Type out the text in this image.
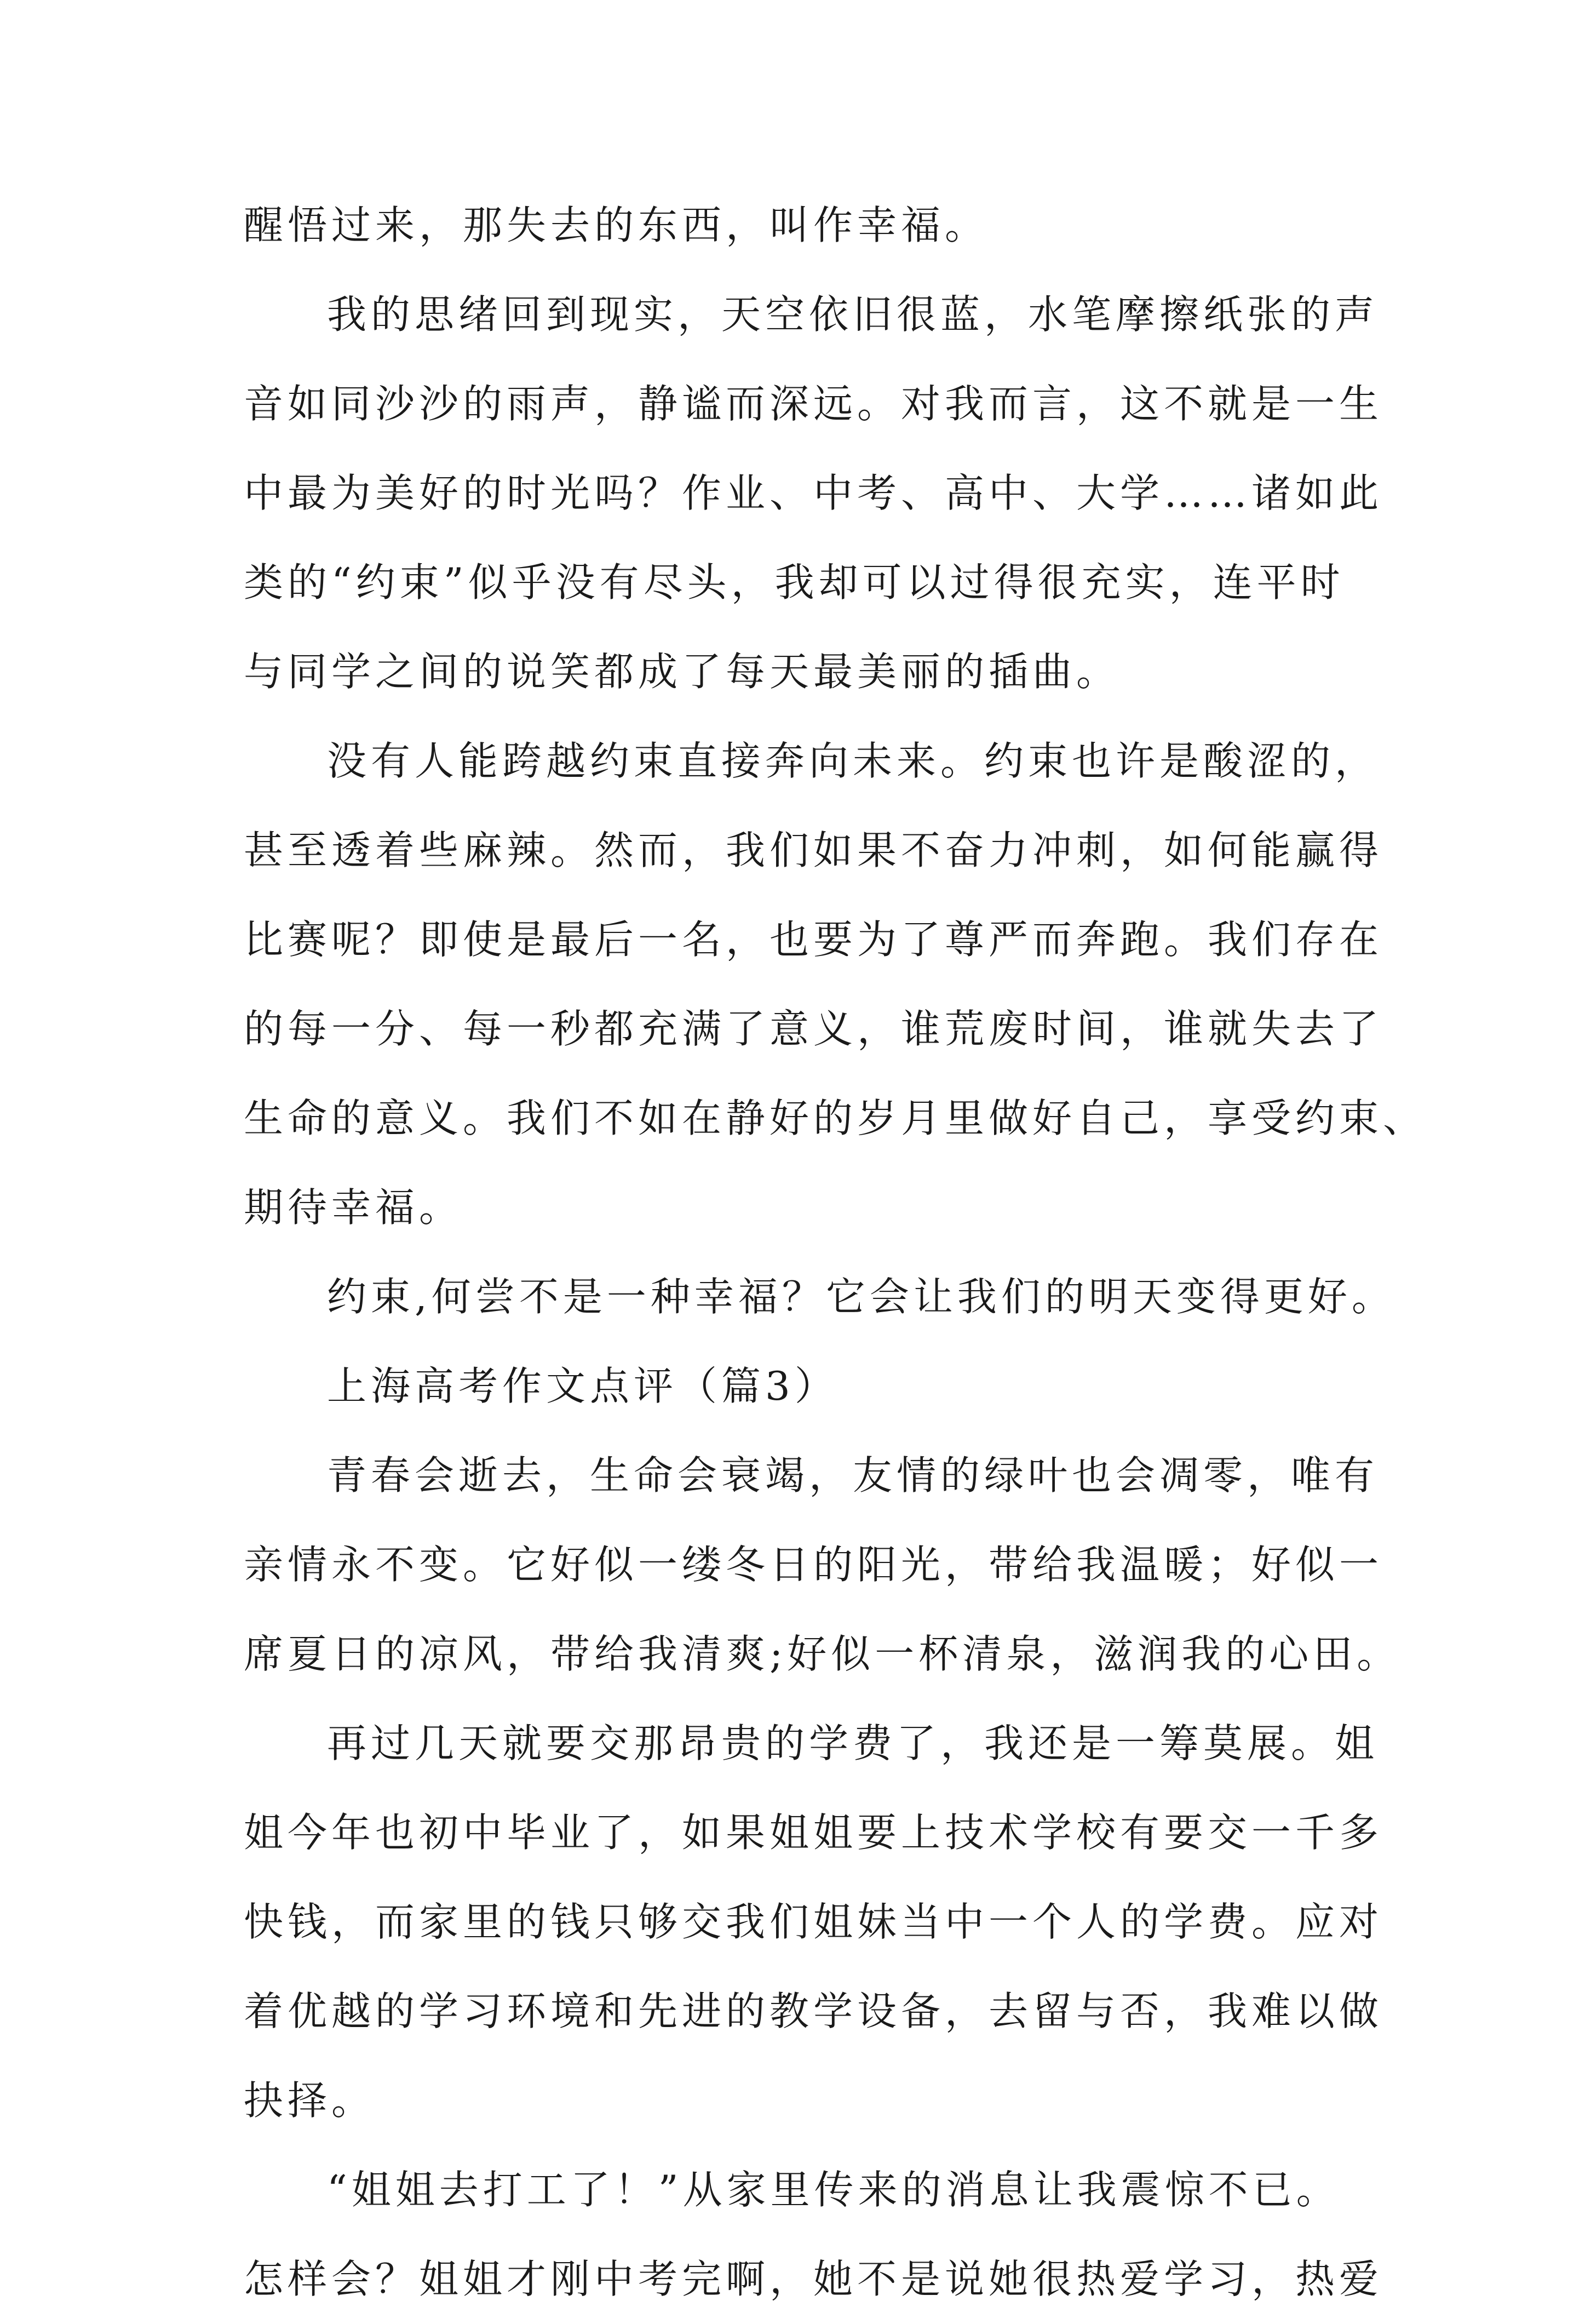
醒悟过来，那失去的东西，叫作幸福。
我的思绪回到现实，天空依旧很蓝，水笔摩擦纸张的声
音如同沙沙的雨声，静谧而深远。对我而言，这不就是一生
中最为美好的时光吗？作业、中考、高中、大学……诸如此
类的“约束”似乎没有尽头，我却可以过得很充实，连平时
与同学之间的说笑都成了每天最美丽的插曲。
没有人能跨越约束直接奔向未来。约束也许是酸涩的，
甚至透着些麻辣。然而，我们如果不奋力冲刺，如何能赢得
比赛呢？即使是最后一名，也要为了尊严而奔跑。我们存在
的每一分、每一秒都充满了意义，谁荒废时间，谁就失去了
生命的意义。我们不如在静好的岁月里做好自己，享受约束、
期待幸福。
约束,何尝不是一种幸福？它会让我们的明天变得更好。
上海高考作文点评（篇3）
青春会逝去，生命会衰竭，友情的绿叶也会凋零，唯有
亲情永不变。它好似一缕冬日的阳光，带给我温暖；好似一
席夏日的凉风，带给我清爽;好似一杯清泉，滋润我的心田。
再过几天就要交那昂贵的学费了，我还是一筹莫展。姐
姐今年也初中毕业了，如果姐姐要上技术学校有要交一千多
快钱，而家里的钱只够交我们姐妹当中一个人的学费。应对
着优越的学习环境和先进的教学设备，去留与否，我难以做
抉择。
“姐姐去打工了！”从家里传来的消息让我震惊不已。
怎样会？姐姐才刚中考完啊，她不是说她很热爱学习，热爱
